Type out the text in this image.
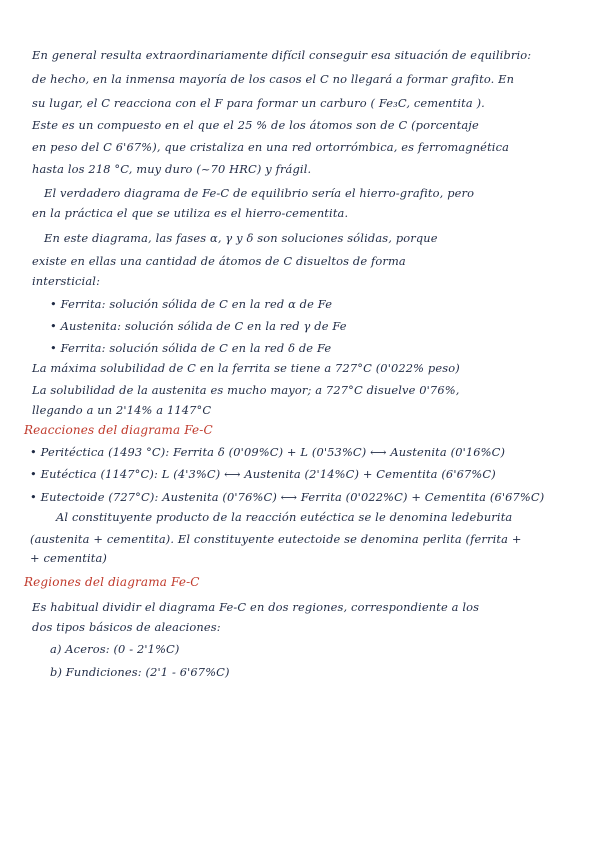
En general resulta extraordinariamente difícil conseguir esa situación de equilibrio:
de hecho, en la inmensa mayoría de los casos el C no llegará a formar grafito. En
su lugar, el C reacciona con el F para formar un carburo ( Fe₃C, cementita ).
Este es un compuesto en el que el 25 % de los átomos son de C (porcentaje
en peso del C 6'67%), que cristaliza en una red ortorrómbica, es ferromagnética
hasta los 218 °C, muy duro (~70 HRC) y frágil.
El verdadero diagrama de Fe-C de equilibrio sería el hierro-grafito, pero
en la práctica el que se utiliza es el hierro-cementita.
En este diagrama, las fases α, γ y δ son soluciones sólidas, porque
existe en ellas una cantidad de átomos de C disueltos de forma
intersticial:
• Ferrita: solución sólida de C en la red α de Fe
• Austenita: solución sólida de C en la red γ de Fe
• Ferrita: solución sólida de C en la red δ de Fe
La máxima solubilidad de C en la ferrita se tiene a 727°C (0'022% peso)
La solubilidad de la austenita es mucho mayor; a 727°C disuelve 0'76%,
llegando a un 2'14% a 1147°C
Reacciones del diagrama Fe-C
• Peritéctica (1493 °C): Ferrita δ (0'09%C) + L (0'53%C) ⟷ Austenita (0'16%C)
• Eutéctica (1147°C): L (4'3%C) ⟷ Austenita (2'14%C) + Cementita (6'67%C)
• Eutectoide (727°C): Austenita (0'76%C) ⟷ Ferrita (0'022%C) + Cementita (6'67%C)
Al constituyente producto de la reacción eutéctica se le denomina ledeburita
(austenita + cementita). El constituyente eutectoide se denomina perlita (ferrita +
+ cementita)
Regiones del diagrama Fe-C
Es habitual dividir el diagrama Fe-C en dos regiones, correspondiente a los
dos tipos básicos de aleaciones:
a) Aceros: (0 - 2'1%C)
b) Fundiciones: (2'1 - 6'67%C)
